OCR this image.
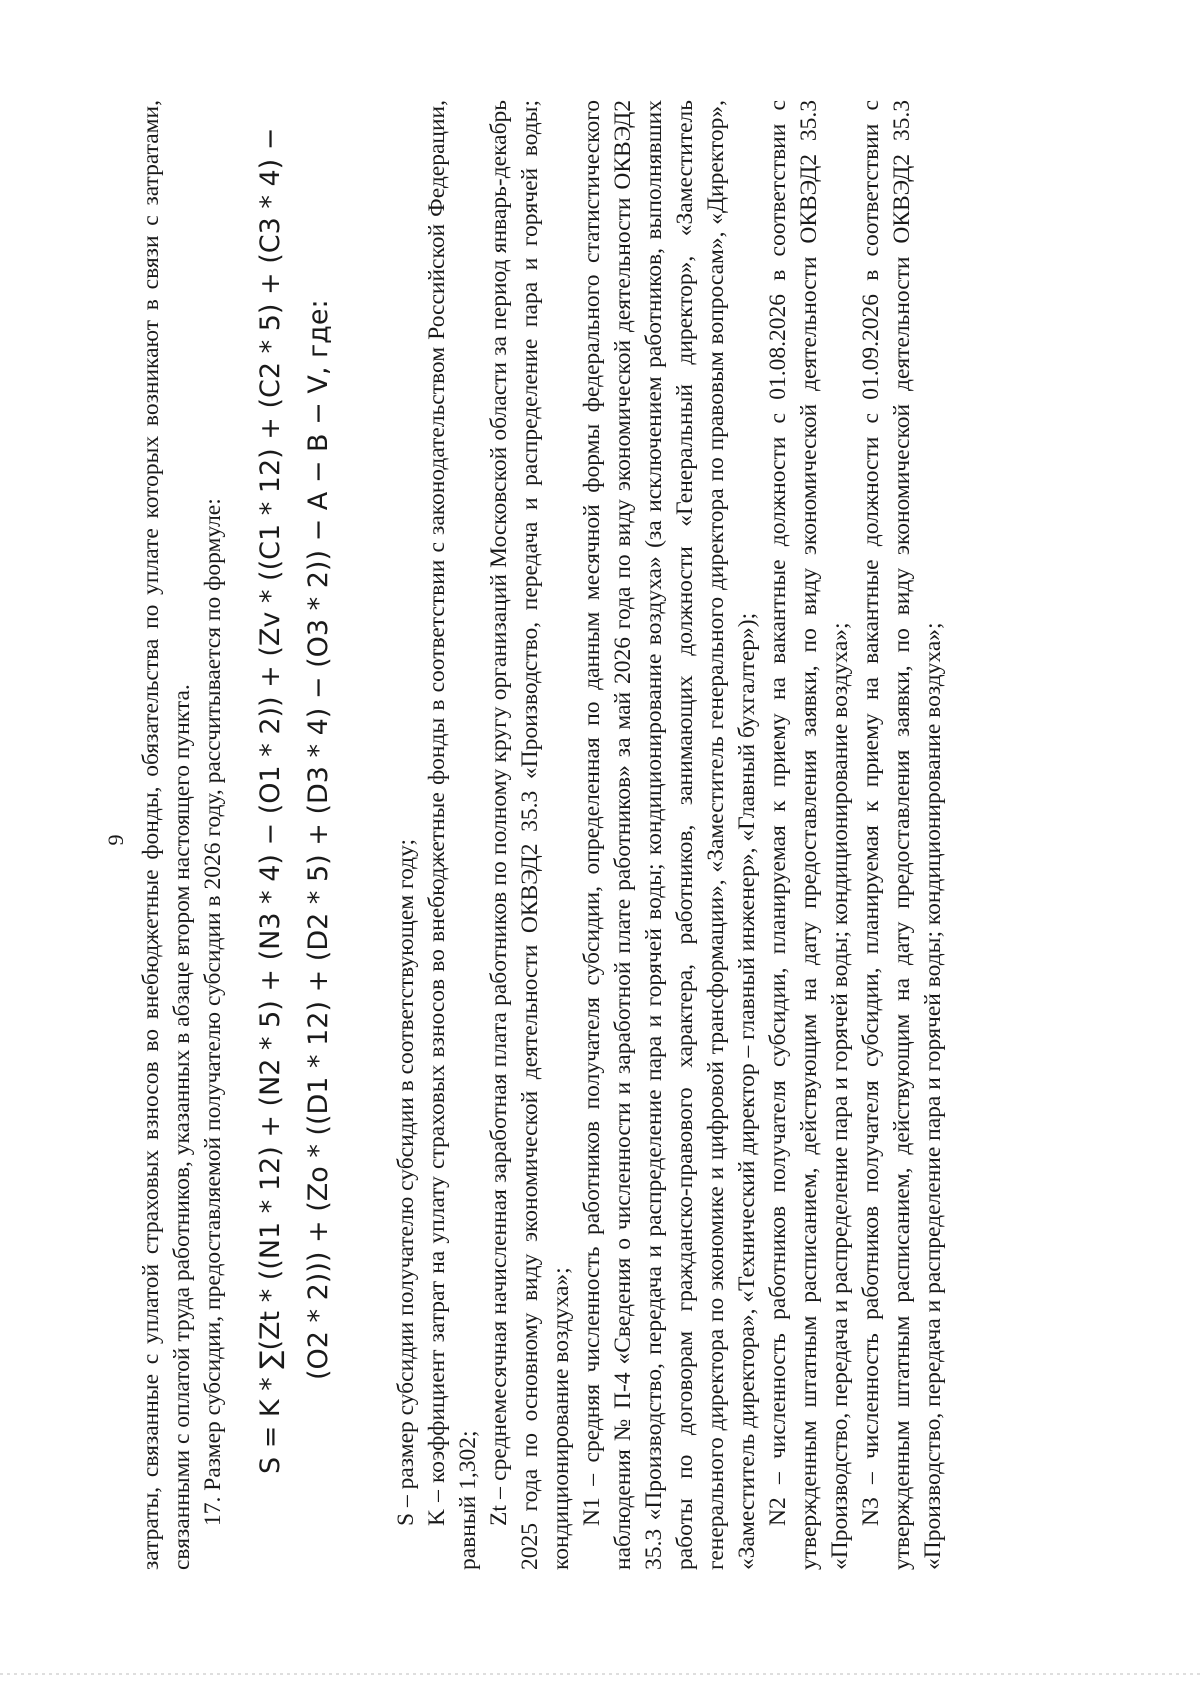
9 затраты, связанные с уплатой страховых взносов во внебюджетные фонды, обязательства по уплате которых возникают в связи с затратами, связанными с оплатой труда работников, указанных в абзаце втором настоящего пункта. 17. Размер субсидии, предоставляемой получателю субсидии в 2026 году, рассчитывается по формуле: S = K * ∑(Zt * ((N1 * 12) + (N2 * 5) + (N3 * 4) − (O1 * 2)) + (Zv * ((C1 * 12) + (C2 * 5) + (C3 * 4) − (O2 * 2))) + (Zo * ((D1 * 12) + (D2 * 5) + (D3 * 4) − (O3 * 2)) − A − B − V, где:	S – размер субсидии получателю субсидии в соответствующем году; K – коэффициент затрат на уплату страховых взносов во внебюджетные фонды в соответствии с законодательством Российской Федерации, равный 1,302; Zt – среднемесячная начисленная заработная плата работников по полному кругу организаций Московской области за период январь-декабрь 2025 года по основному виду экономической деятельности ОКВЭД2 35.3 «Производство, передача и распределение пара и горячей воды; кондиционирование воздуха»; N1 – средняя численность работников получателя субсидии, определенная по данным месячной формы федерального статистического наблюдения № П-4 «Сведения о численности и заработной плате работников» за май 2026 года по виду экономической деятельности ОКВЭД2 35.3 «Производство, передача и распределение пара и горячей воды; кондиционирование воздуха» (за исключением работников, выполнявших работы по договорам гражданско-правового характера, работников, занимающих должности «Генеральный директор», «Заместитель генерального директора по экономике и цифровой трансформации», «Заместитель генерального директора по правовым вопросам», «Директор», «Заместитель директора», «Технический директор – главный инженер», «Главный бухгалтер»); N2 – численность работников получателя субсидии, планируемая к приему на вакантные должности с 01.08.2026 в соответствии с утвержденным штатным расписанием, действующим на дату предоставления заявки, по виду экономической деятельности ОКВЭД2 35.3 «Производство, передача и распределение пара и горячей воды; кондиционирование воздуха»; N3 – численность работников получателя субсидии, планируемая к приему на вакантные должности с 01.09.2026 в соответствии с утвержденным штатным расписанием, действующим на дату предоставления заявки, по виду экономической деятельности ОКВЭД2 35.3 «Производство, передача и распределение пара и горячей воды; кондиционирование воздуха»;
